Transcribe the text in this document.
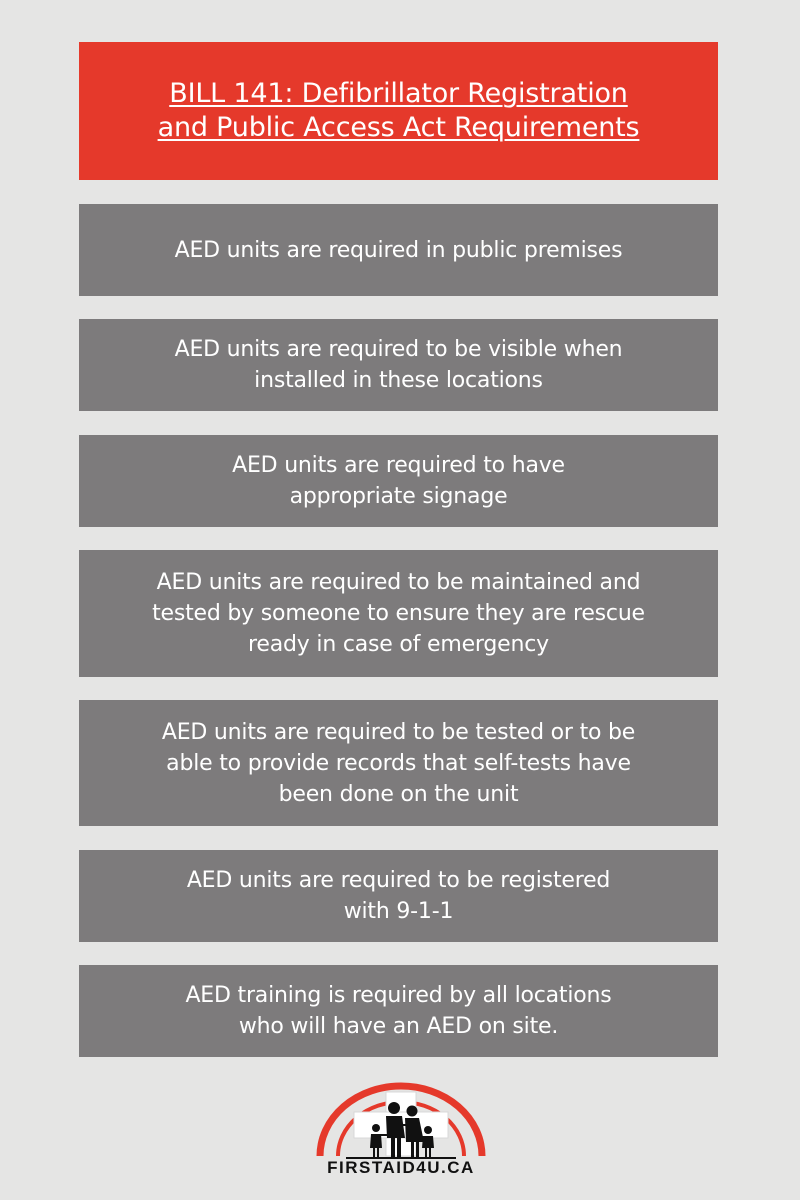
BILL 141: Defibrillator Registration
and Public Access Act Requirements
AED units are required in public premises
AED units are required to be visible when
installed in these locations
AED units are required to have
appropriate signage
AED units are required to be maintained and
tested by someone to ensure they are rescue
ready in case of emergency
AED units are required to be tested or to be
able to provide records that self-tests have
been done on the unit
AED units are required to be registered
with 9-1-1
AED training is required by all locations
who will have an AED on site.
FIRSTAID4U.CA
